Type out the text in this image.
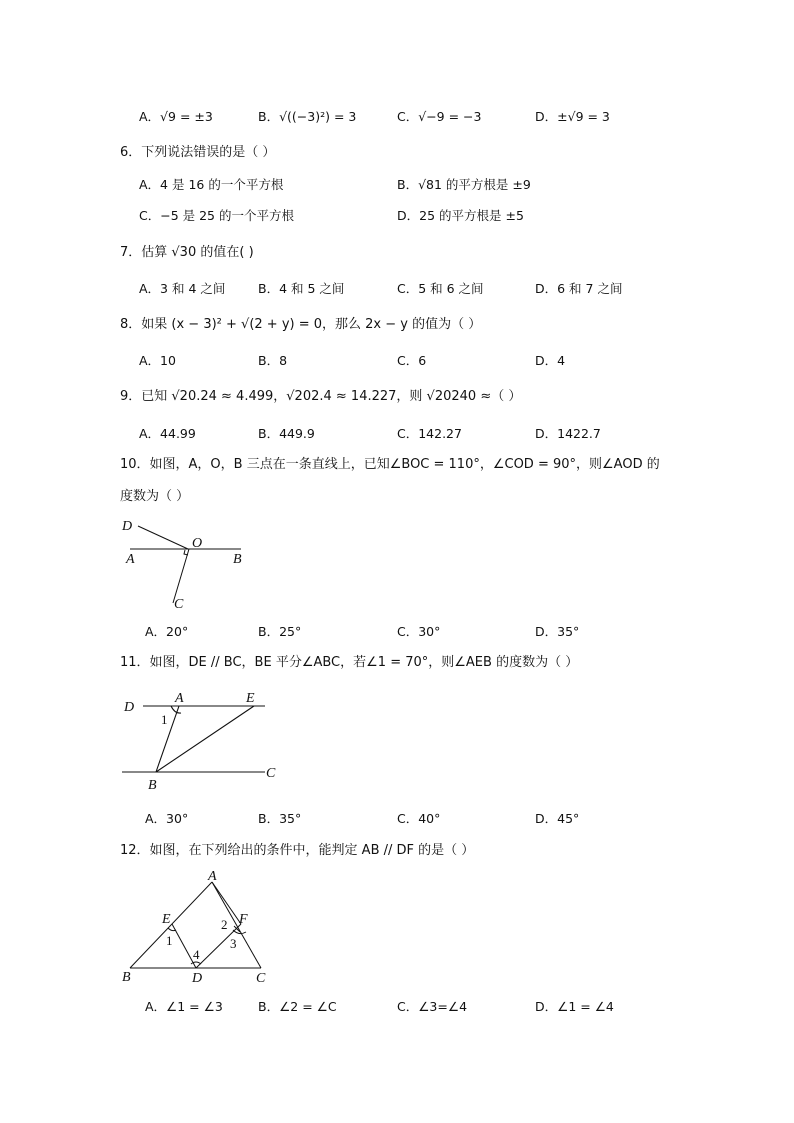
A．√9 = ±3	B．√((−3)²) = 3	C．√−9 = −3	D．±√9 = 3
6．下列说法错误的是（ ）
A．4 是 16 的一个平方根	B．√81 的平方根是 ±9
C．−5 是 25 的一个平方根	D．25 的平方根是 ±5
7．估算 √30 的值在( )
A．3 和 4 之间	B．4 和 5 之间	C．5 和 6 之间	D．6 和 7 之间
8．如果 (x − 3)² + √(2 + y) = 0，那么 2x − y 的值为（ ）
A．10	B．8	C．6	D．4
9．已知 √20.24 ≈ 4.499，√202.4 ≈ 14.227，则 √20240 ≈（ ）
A．44.99	B．449.9	C．142.27	D．1422.7
10．如图，A，O，B 三点在一条直线上，已知∠BOC = 110°，∠COD = 90°，则∠AOD 的
度数为（ ）
D
O
A	B
C
A．20°	B．25°	C．30°	D．35°
11．如图，DE // BC，BE 平分∠ABC，若∠1 = 70°，则∠AEB 的度数为（ ）
D
A	E
1
B
C
A．30°	B．35°	C．40°	D．45°
12．如图，在下列给出的条件中，能判定 AB // DF 的是（ ）
A
E	F
1
2
3
4
B	D	C
A．∠1 = ∠3	B．∠2 = ∠C	C．∠3=∠4	D．∠1 = ∠4
